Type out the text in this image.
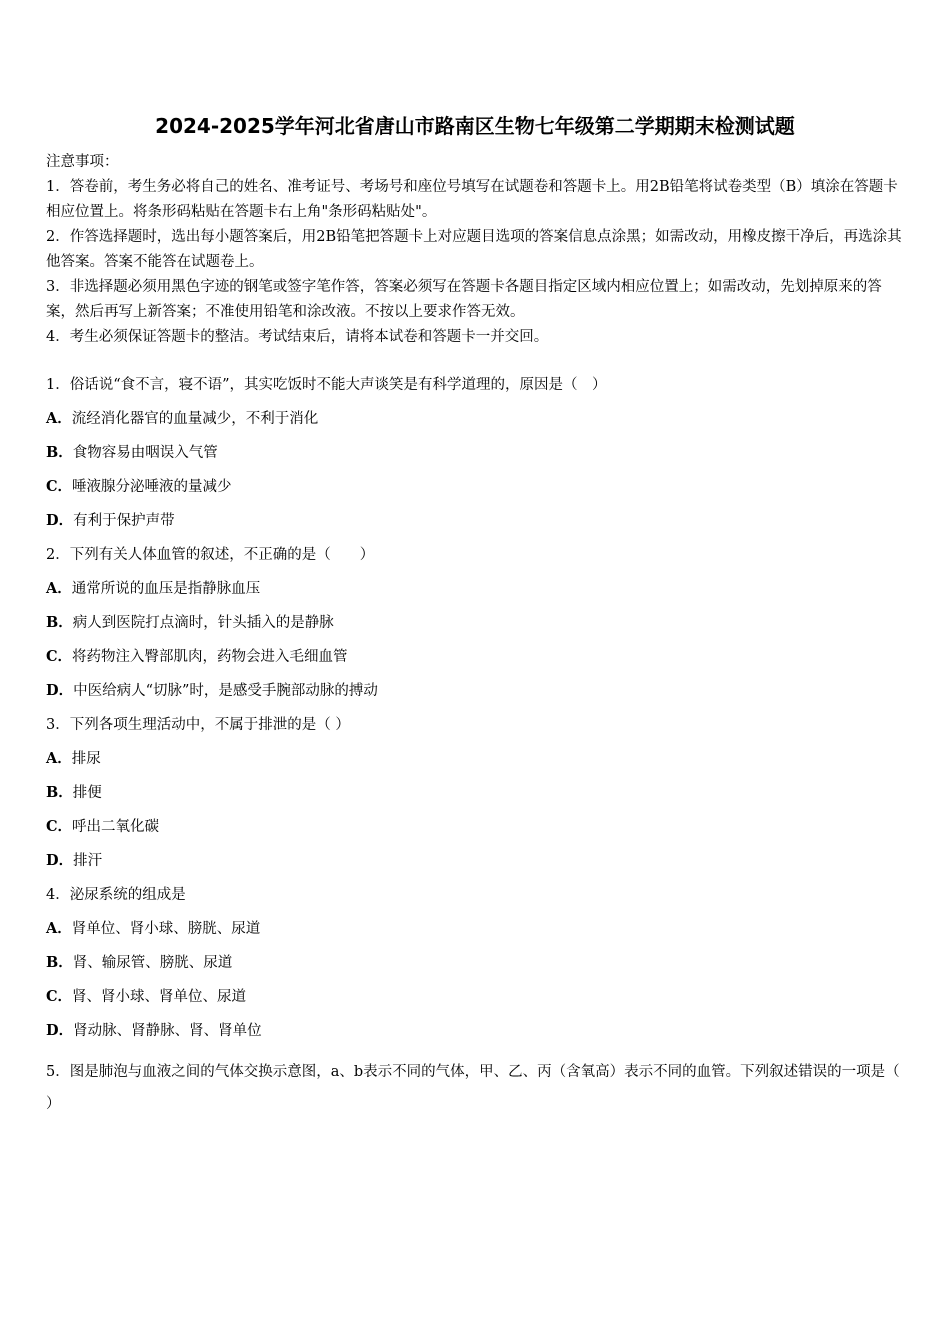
2024-2025学年河北省唐山市路南区生物七年级第二学期期末检测试题

注意事项：

1．答卷前，考生务必将自己的姓名、准考证号、考场号和座位号填写在试题卷和答题卡上。用2B铅笔将试卷类型（B）填涂在答题卡相应位置上。将条形码粘贴在答题卡右上角"条形码粘贴处"。

2．作答选择题时，选出每小题答案后，用2B铅笔把答题卡上对应题目选项的答案信息点涂黑；如需改动，用橡皮擦干净后，再选涂其他答案。答案不能答在试题卷上。

3．非选择题必须用黑色字迹的钢笔或签字笔作答，答案必须写在答题卡各题目指定区域内相应位置上；如需改动，先划掉原来的答案，然后再写上新答案；不准使用铅笔和涂改液。不按以上要求作答无效。

4．考生必须保证答题卡的整洁。考试结束后，请将本试卷和答题卡一并交回。

1．俗话说“食不言，寝不语”，其实吃饭时不能大声谈笑是有科学道理的，原因是（　）
A．流经消化器官的血量减少，不利于消化
B．食物容易由咽误入气管
C．唾液腺分泌唾液的量减少
D．有利于保护声带
2．下列有关人体血管的叙述，不正确的是（　　）
A．通常所说的血压是指静脉血压
B．病人到医院打点滴时，针头插入的是静脉
C．将药物注入臀部肌肉，药物会进入毛细血管
D．中医给病人“切脉”时，是感受手腕部动脉的搏动
3．下列各项生理活动中，不属于排泄的是（ ）
A．排尿
B．排便
C．呼出二氧化碳
D．排汗
4．泌尿系统的组成是
A．肾单位、肾小球、膀胱、尿道
B．肾、输尿管、膀胱、尿道
C．肾、肾小球、肾单位、尿道
D．肾动脉、肾静脉、肾、肾单位
5．图是肺泡与血液之间的气体交换示意图，a、b表示不同的气体，甲、乙、丙（含氧高）表示不同的血管。下列叙述错误的一项是（ ）
